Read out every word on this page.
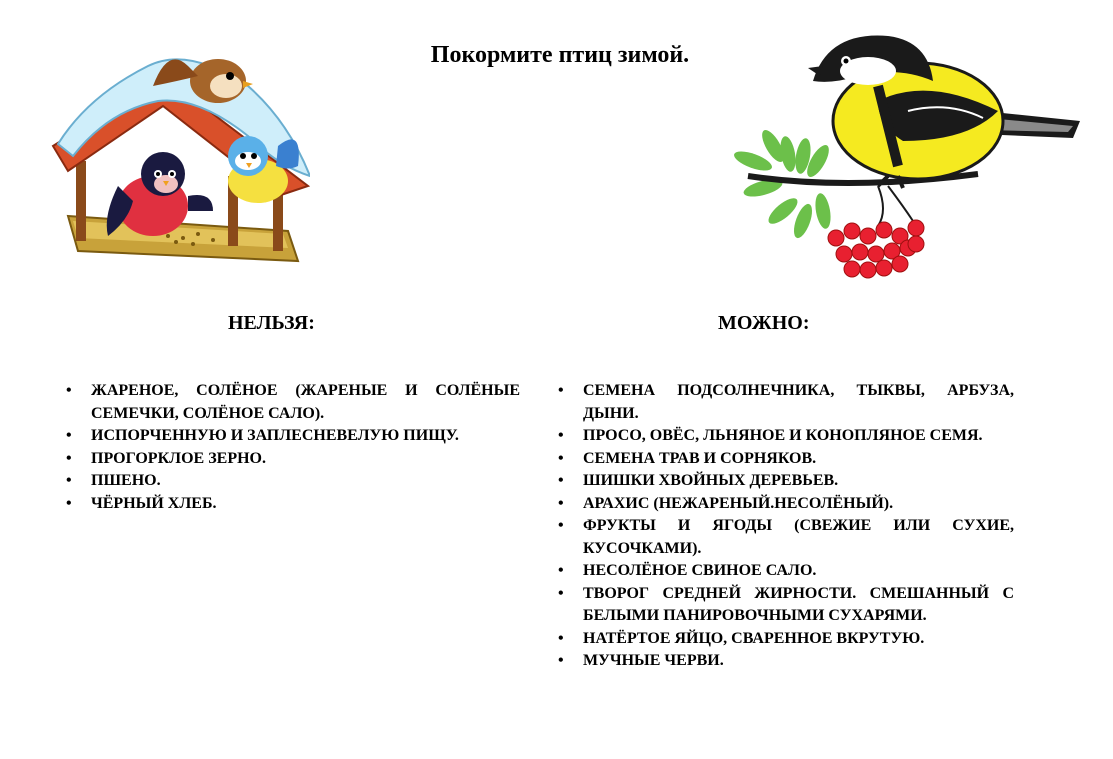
Покормите птиц зимой.
НЕЛЬЗЯ:	МОЖНО:
• ЖАРЕНОЕ, СОЛЁНОЕ (ЖАРЕНЫЕ И СОЛЁНЫЕ СЕМЕЧКИ, СОЛЁНОЕ САЛО).
• ИСПОРЧЕННУЮ И ЗАПЛЕСНЕВЕЛУЮ ПИЩУ.
• ПРОГОРКЛОЕ ЗЕРНО.
• ПШЕНО.
• ЧЁРНЫЙ ХЛЕБ.
• СЕМЕНА ПОДСОЛНЕЧНИКА, ТЫКВЫ, АРБУЗА, ДЫНИ.
• ПРОСО, ОВЁС, ЛЬНЯНОЕ И КОНОПЛЯНОЕ СЕМЯ.
• СЕМЕНА ТРАВ И СОРНЯКОВ.
• ШИШКИ ХВОЙНЫХ ДЕРЕВЬЕВ.
• АРАХИС (НЕЖАРЕНЫЙ.НЕСОЛЁНЫЙ).
• ФРУКТЫ И ЯГОДЫ (СВЕЖИЕ ИЛИ СУХИЕ, КУСОЧКАМИ).
• НЕСОЛЁНОЕ СВИНОЕ САЛО.
• ТВОРОГ СРЕДНЕЙ ЖИРНОСТИ. СМЕШАННЫЙ С БЕЛЫМИ ПАНИРОВОЧНЫМИ СУХАРЯМИ.
• НАТЁРТОЕ ЯЙЦО, СВАРЕННОЕ ВКРУТУЮ.
• МУЧНЫЕ ЧЕРВИ.
